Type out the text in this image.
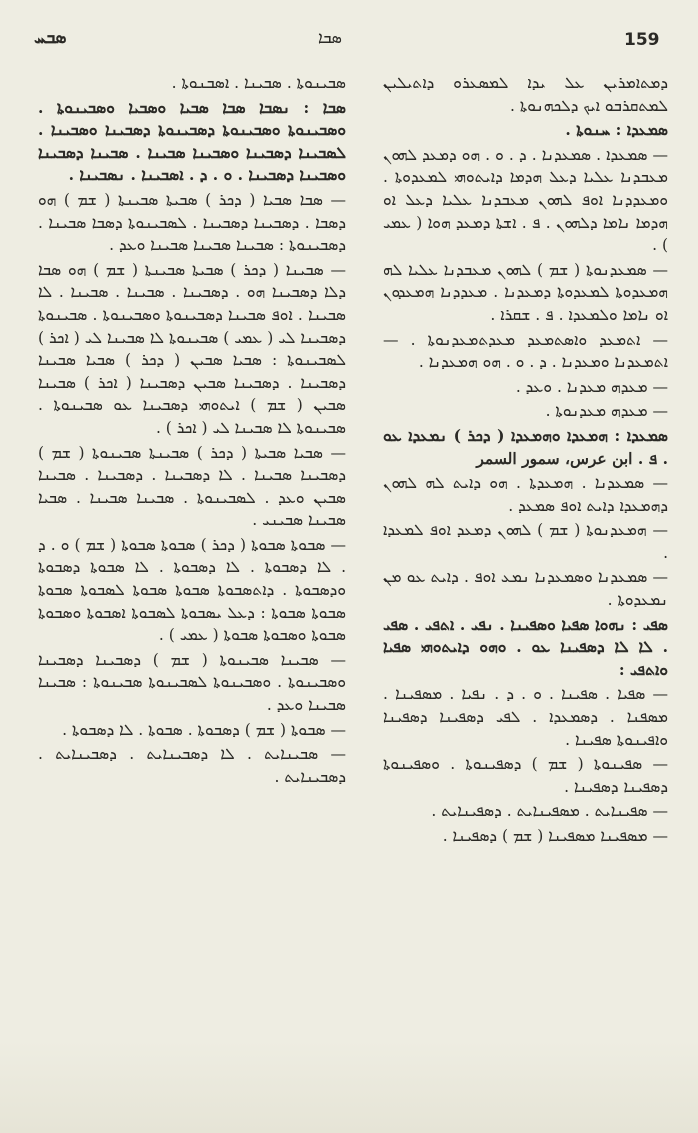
ܣܒܚ	ܣܒܐ	159

ܕܡܬܐܡܪܝܢ ܥܠ ܝܕܐ ܠܡܣܥܪܘ ܕܐܬܝܠܝܢ ܠܡܬܩܪܒܘ ܐܝܟ ܕܠܟܗܢܘܬܐ .

ܣܡܥܕܐ : ܚܢܘܬܐ .

— ܣܡܥܕܐ . ܣܡܥܕܢܐ . ܕ . ܘ . ܗܘ ܕܡܥܕ ܠܗܘܢ ܡܥܒܕܢܐ ܥܠܝܐ ܕܥܠ ܗܕܡܐ ܕܐܝܬܘܗܝ ܠܡܥܕܘܬܐ . ܘܡܥܕܕܢܐ ܐܘܦ ܠܗܘܢ ܡܥܒܕܢܐ ܥܠܝܐ ܕܥܠ ܐܘ ܗܕܡܐ ܢܐܡܐ ܕܠܗܘܢ . ܦ . ܐܫܬܐ ܕܡܥܕ ܗܘܐ ( ܥܡܝ ) .

— ܣܡܥܕܢܘܬܐ ( ܫܡ ) ܠܗܘܢ ܡܥܒܕܢܐ ܥܠܝܐ ܠܗ ܗܡܥܕܘܬܐ ܠܡܥܕܘܬܐ ܕܡܥܕܢܐ . ܡܥܕܕܢܐ ܗܡܥܕܘܢ ܐܘ ܢܐܡܐ ܘܠܡܥܕܐ . ܦ . ܫܩܪܐ .

— ܐܬܡܥܕ ܘܐܣܬܡܥܕ ܡܥܕܬܡܥܕܢܘܬܐ . — ܐܬܡܥܕܢܐ ܘܡܥܕܢܐ . ܕ . ܘ . ܗܘ ܗܡܥܕܢܐ .

— ܡܥܕܗ ܡܥܕܢܐ . ܘܥܕ .

— ܡܥܕܗ ܡܥܕܢܘܬܐ .

ܣܡܥܕܐ : ܗܡܥܕܐ ܘܗܡܥܕܐ ( ܕܟܪ ) ܢܡܥܕܐ ܥܘ . ܦ . ابن عرس، سمور السمر

— ܣܡܥܕܢܐ . ܗܡܥܕܬܐ . ܗܘ ܕܐܝܬ ܠܗ ܠܗܘܢ ܕܗܡܥܕܐ ܕܐܝܬ ܐܘܦ ܣܡܥܕ .

— ܗܡܥܕܢܘܬܐ ( ܫܡ ) ܠܗܘܢ ܕܡܥܕ ܐܘܦ ܠܡܥܕܐ .

— ܣܡܥܕܢܐ ܘܣܡܥܕܢܐ ܢܡܥ ܐܘܦ . ܕܐܝܬ ܥܘ ܡܢ ܢܡܥܕܘܬܐ .

ܣܦܝ : ܢܗܘܐ ܣܦܝܐ ܘܣܦܝܢܐ . ܢܦܝ . ܐܬܦܝ . ܣܦܝ . ܠܐ ܠܐ ܕܣܦܝܢܐ ܥܘ . ܘܗܘ ܕܐܝܬܘܗܝ ܣܦܝܐ ܘܐܬܦܝ :

— ܣܦܝܐ . ܣܦܝܢܐ . ܘ . ܕ . ܢܦܝܐ . ܡܣܦܝܢܐ . ܡܣܦܢܐ . ܕܣܡܥܕܐ . ܠܦܝ ܕܣܦܝܢܐ ܕܣܦܝܢܐ ܘܐܦܝܢܘܬܐ ܣܦܝܢܐ .

— ܣܦܝܢܘܬܐ ( ܫܡ ) ܕܣܦܝܢܘܬܐ . ܘܣܦܝܢܘܬܐ ܕܣܦܝܢܐ ܕܣܦܝܢܐ .

— ܣܦܝܢܐܝܬ . ܡܣܦܝܢܐܝܬ . ܕܣܦܝܢܐܝܬ .

— ܡܣܦܝܢܐ ܡܣܦܝܢܐ ( ܫܡ ) ܕܣܦܝܢܐ .

ܣܒܝܢܘܬܐ . ܣܒܝܢܐ . ܐܣܒܢܘܬܐ .

ܣܒܐ : ܢܣܒܐ ܣܒܐ ܣܒܝܐ ܘܣܒܝܐ ܘܣܒܝܢܘܬܐ . ܘܣܒܝܢܘܬܐ ܘܣܒܝܢܘܬܐ ܕܣܒܝܢܘܬܐ ܕܣܒܝܢܐ ܘܣܒܝܢܐ . ܠܣܒܝܢܐ ܕܣܒܝܢܐ ܘܣܒܝܢܐ ܣܒܝܢܐ . ܣܒܝܢܐ ܕܣܒܝܢܐ ܘܣܒܝܢܐ ܕܣܒܝܢܐ . ܘ . ܕ . ܐܣܒܝܢܐ . ܢܣܒܝܢܐ .

— ܣܒܐ ܣܒܝܐ ( ܕܟܪ ) ܣܒܝܬܐ ܣܒܝܢܬܐ ( ܫܡ ) ܗܘ ܕܣܒܐ . ܕܣܒܝܢܐ ܕܣܒܝܢܐ . ܠܣܒܝܢܘܬܐ ܕܣܒܐ ܣܒܝܢܐ . ܕܣܒܝܢܘܬܐ : ܣܒܝܢܐ ܣܒܝܢܐ ܣܒܝܢܐ ܘܥܕ .

— ܣܒܝܢܐ ( ܕܟܪ ) ܣܒܝܬܐ ܣܒܝܢܬܐ ( ܫܡ ) ܗܘ ܣܒܐ ܕܠܐ ܕܣܒܝܢܐ ܗܘ . ܕܣܒܝܢܐ . ܣܒܝܢܐ . ܣܒܝܢܐ . ܠܐ ܣܒܝܢܐ . ܐܘܦ ܣܒܝܢܐ ܕܣܒܝܢܘܬܐ ܘܣܒܝܢܘܬܐ . ܣܒܝܢܘܬܐ ܕܣܒܝܢܐ ܠܝ ( ܥܡܝ ) ܣܒܝܢܘܬܐ ܠܐ ܣܒܝܢܐ ܠܝ ( ܐܟܪ ) ܠܣܒܝܢܘܬܐ : ܣܒܝܐ ܣܒܝܢ ( ܕܟܪ ) ܣܒܝܐ ܣܒܝܢܐ ܕܣܒܝܢܐ . ܕܣܒܝܢܐ ܣܒܝܢ ܕܣܒܝܢܐ ( ܐܟܪ ) ܣܒܝܢܐ ܣܒܝܢ ( ܫܡ ) ܐܝܬܘܗܝ ܕܣܒܝܢܐ ܥܘ ܣܒܝܢܘܬܐ . ܣܒܝܢܘܬܐ ܠܐ ܣܒܝܢܐ ܠܝ ( ܐܟܪ ) .

— ܣܒܝܐ ܣܒܝܬܐ ( ܕܟܪ ) ܣܒܝܢܬܐ ܣܒܝܢܘܬܐ ( ܫܡ ) ܕܣܒܝܢܐ ܣܒܝܢܐ . ܠܐ ܕܣܒܝܢܐ . ܕܣܒܝܢܐ . ܣܒܝܢܐ ܣܒܝܢ ܘܥܕ . ܠܣܒܝܢܘܬܐ . ܣܒܝܢܐ ܣܒܝܢܐ . ܣܒܝܐ ܣܒܝܢܐ ܣܒܝܢܝ .

— ܣܒܘܬܐ ܣܒܘܬܐ ( ܕܟܪ ) ܣܒܘܬܐ ܣܒܘܬܐ ( ܫܡ ) ܘ . ܕ . ܠܐ ܕܣܒܘܬܐ . ܠܐ ܕܣܒܘܬܐ . ܠܐ ܣܒܘܬܐ ܕܣܒܘܬܐ ܘܕܣܒܘܬܐ . ܕܐܬܣܒܘܬܐ ܣܒܘܬܐ ܣܒܘܬܐ ܠܣܒܘܬܐ ܣܒܘܬܐ ܣܒܘܬܐ ܣܒܘܬܐ : ܕܥܠ ܝܣܒܘܬܐ ܠܣܒܘܬܐ ܐܣܒܘܬܐ ܘܣܒܘܬܐ ܣܒܘܬܐ ܘܣܒܘܬܐ ܣܒܘܬܐ ( ܥܡܝ ) .

— ܣܒܝܢܐ ܣܒܝܢܘܬܐ ( ܫܡ ) ܕܣܒܝܢܐ ܕܣܒܝܢܐ ܘܣܒܝܢܘܬܐ . ܘܣܒܝܢܘܬܐ ܠܣܒܝܢܘܬܐ ܣܒܝܢܘܬܐ : ܣܒܝܢܐ ܣܒܝܢܐ ܘܥܕ .

— ܣܒܘܬܐ ( ܫܡ ) ܕܣܒܘܬܐ . ܣܒܘܬܐ . ܠܐ ܕܣܒܘܬܐ .

— ܣܒܝܢܐܝܬ . ܠܐ ܕܣܒܝܢܐܝܬ . ܕܣܒܝܢܐܝܬ . ܕܣܒܝܢܐܝܬ .
